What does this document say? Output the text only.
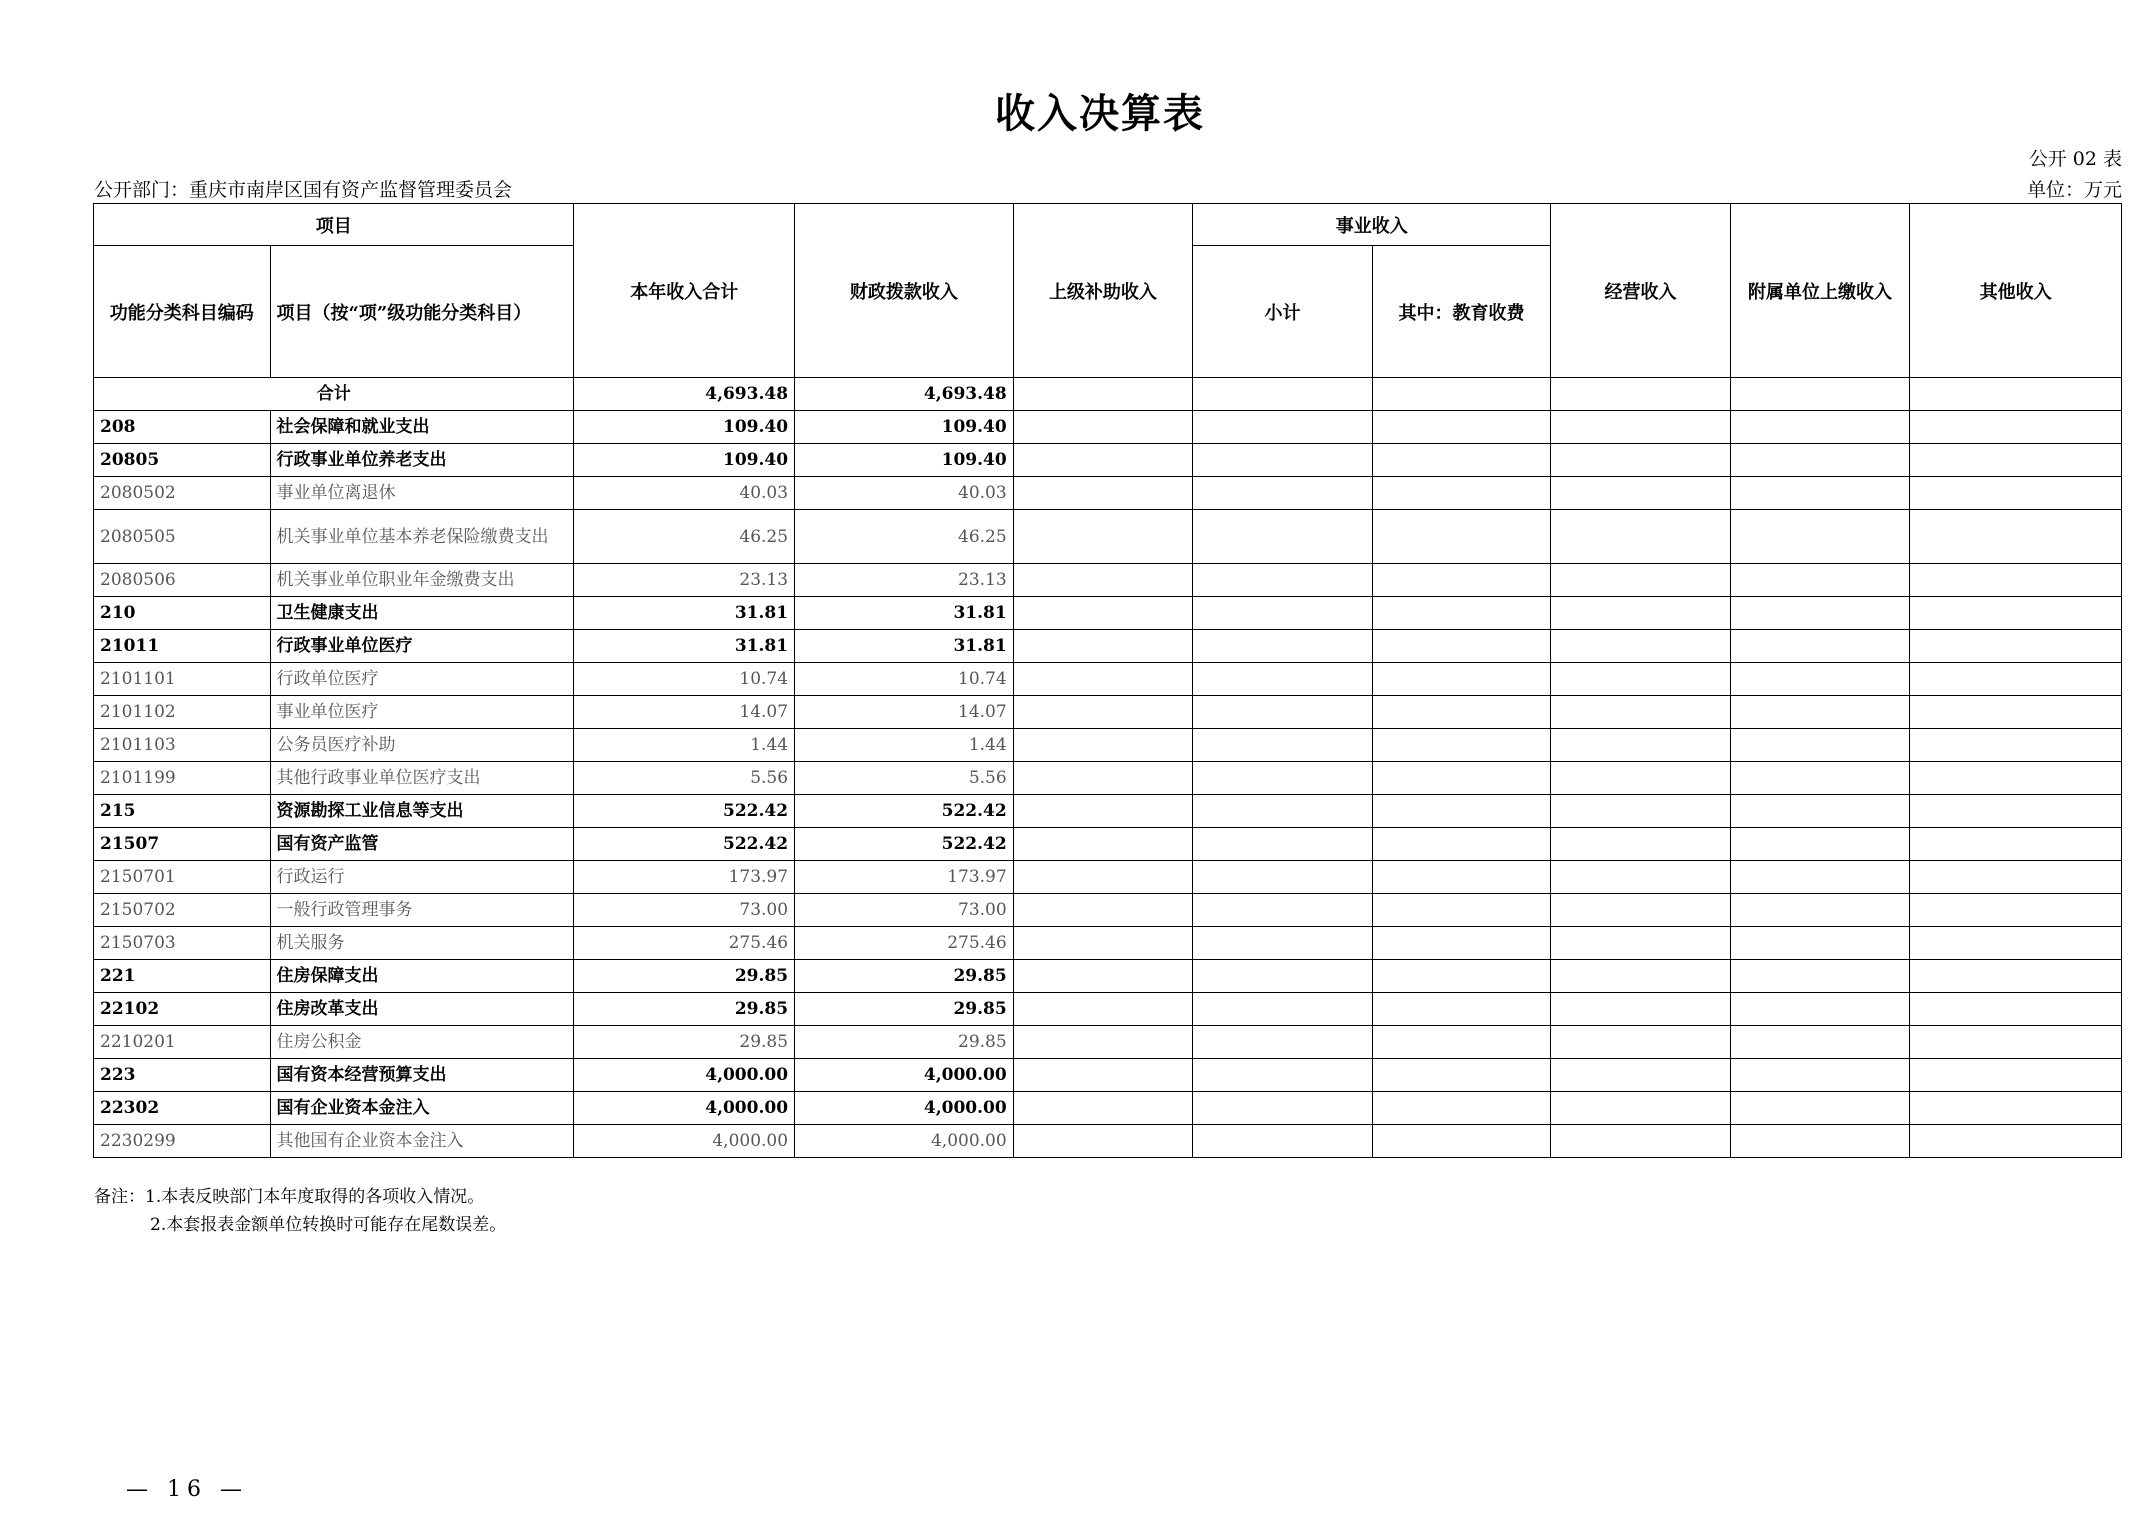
收入决算表
公开 02 表
公开部门：重庆市南岸区国有资产监督管理委员会	单位：万元
项目		本年收入合计	财政拨款收入	上级补助收入	事业收入		经营收入	附属单位上缴收入	其他收入
功能分类科目编码	项目（按“项”级功能分类科目）				小计	其中：教育收费			
合计		4,693.48	4,693.48						
208	社会保障和就业支出	109.40	109.40						
20805	行政事业单位养老支出	109.40	109.40						
2080502	事业单位离退休	40.03	40.03						
2080505	机关事业单位基本养老保险缴费支出	46.25	46.25						
2080506	机关事业单位职业年金缴费支出	23.13	23.13						
210	卫生健康支出	31.81	31.81						
21011	行政事业单位医疗	31.81	31.81						
2101101	行政单位医疗	10.74	10.74						
2101102	事业单位医疗	14.07	14.07						
2101103	公务员医疗补助	1.44	1.44						
2101199	其他行政事业单位医疗支出	5.56	5.56						
215	资源勘探工业信息等支出	522.42	522.42						
21507	国有资产监管	522.42	522.42						
2150701	行政运行	173.97	173.97						
2150702	一般行政管理事务	73.00	73.00						
2150703	机关服务	275.46	275.46						
221	住房保障支出	29.85	29.85						
22102	住房改革支出	29.85	29.85						
2210201	住房公积金	29.85	29.85						
223	国有资本经营预算支出	4,000.00	4,000.00						
22302	国有企业资本金注入	4,000.00	4,000.00						
2230299	其他国有企业资本金注入	4,000.00	4,000.00						
备注：1.本表反映部门本年度取得的各项收入情况。
2.本套报表金额单位转换时可能存在尾数误差。
— 16 —
